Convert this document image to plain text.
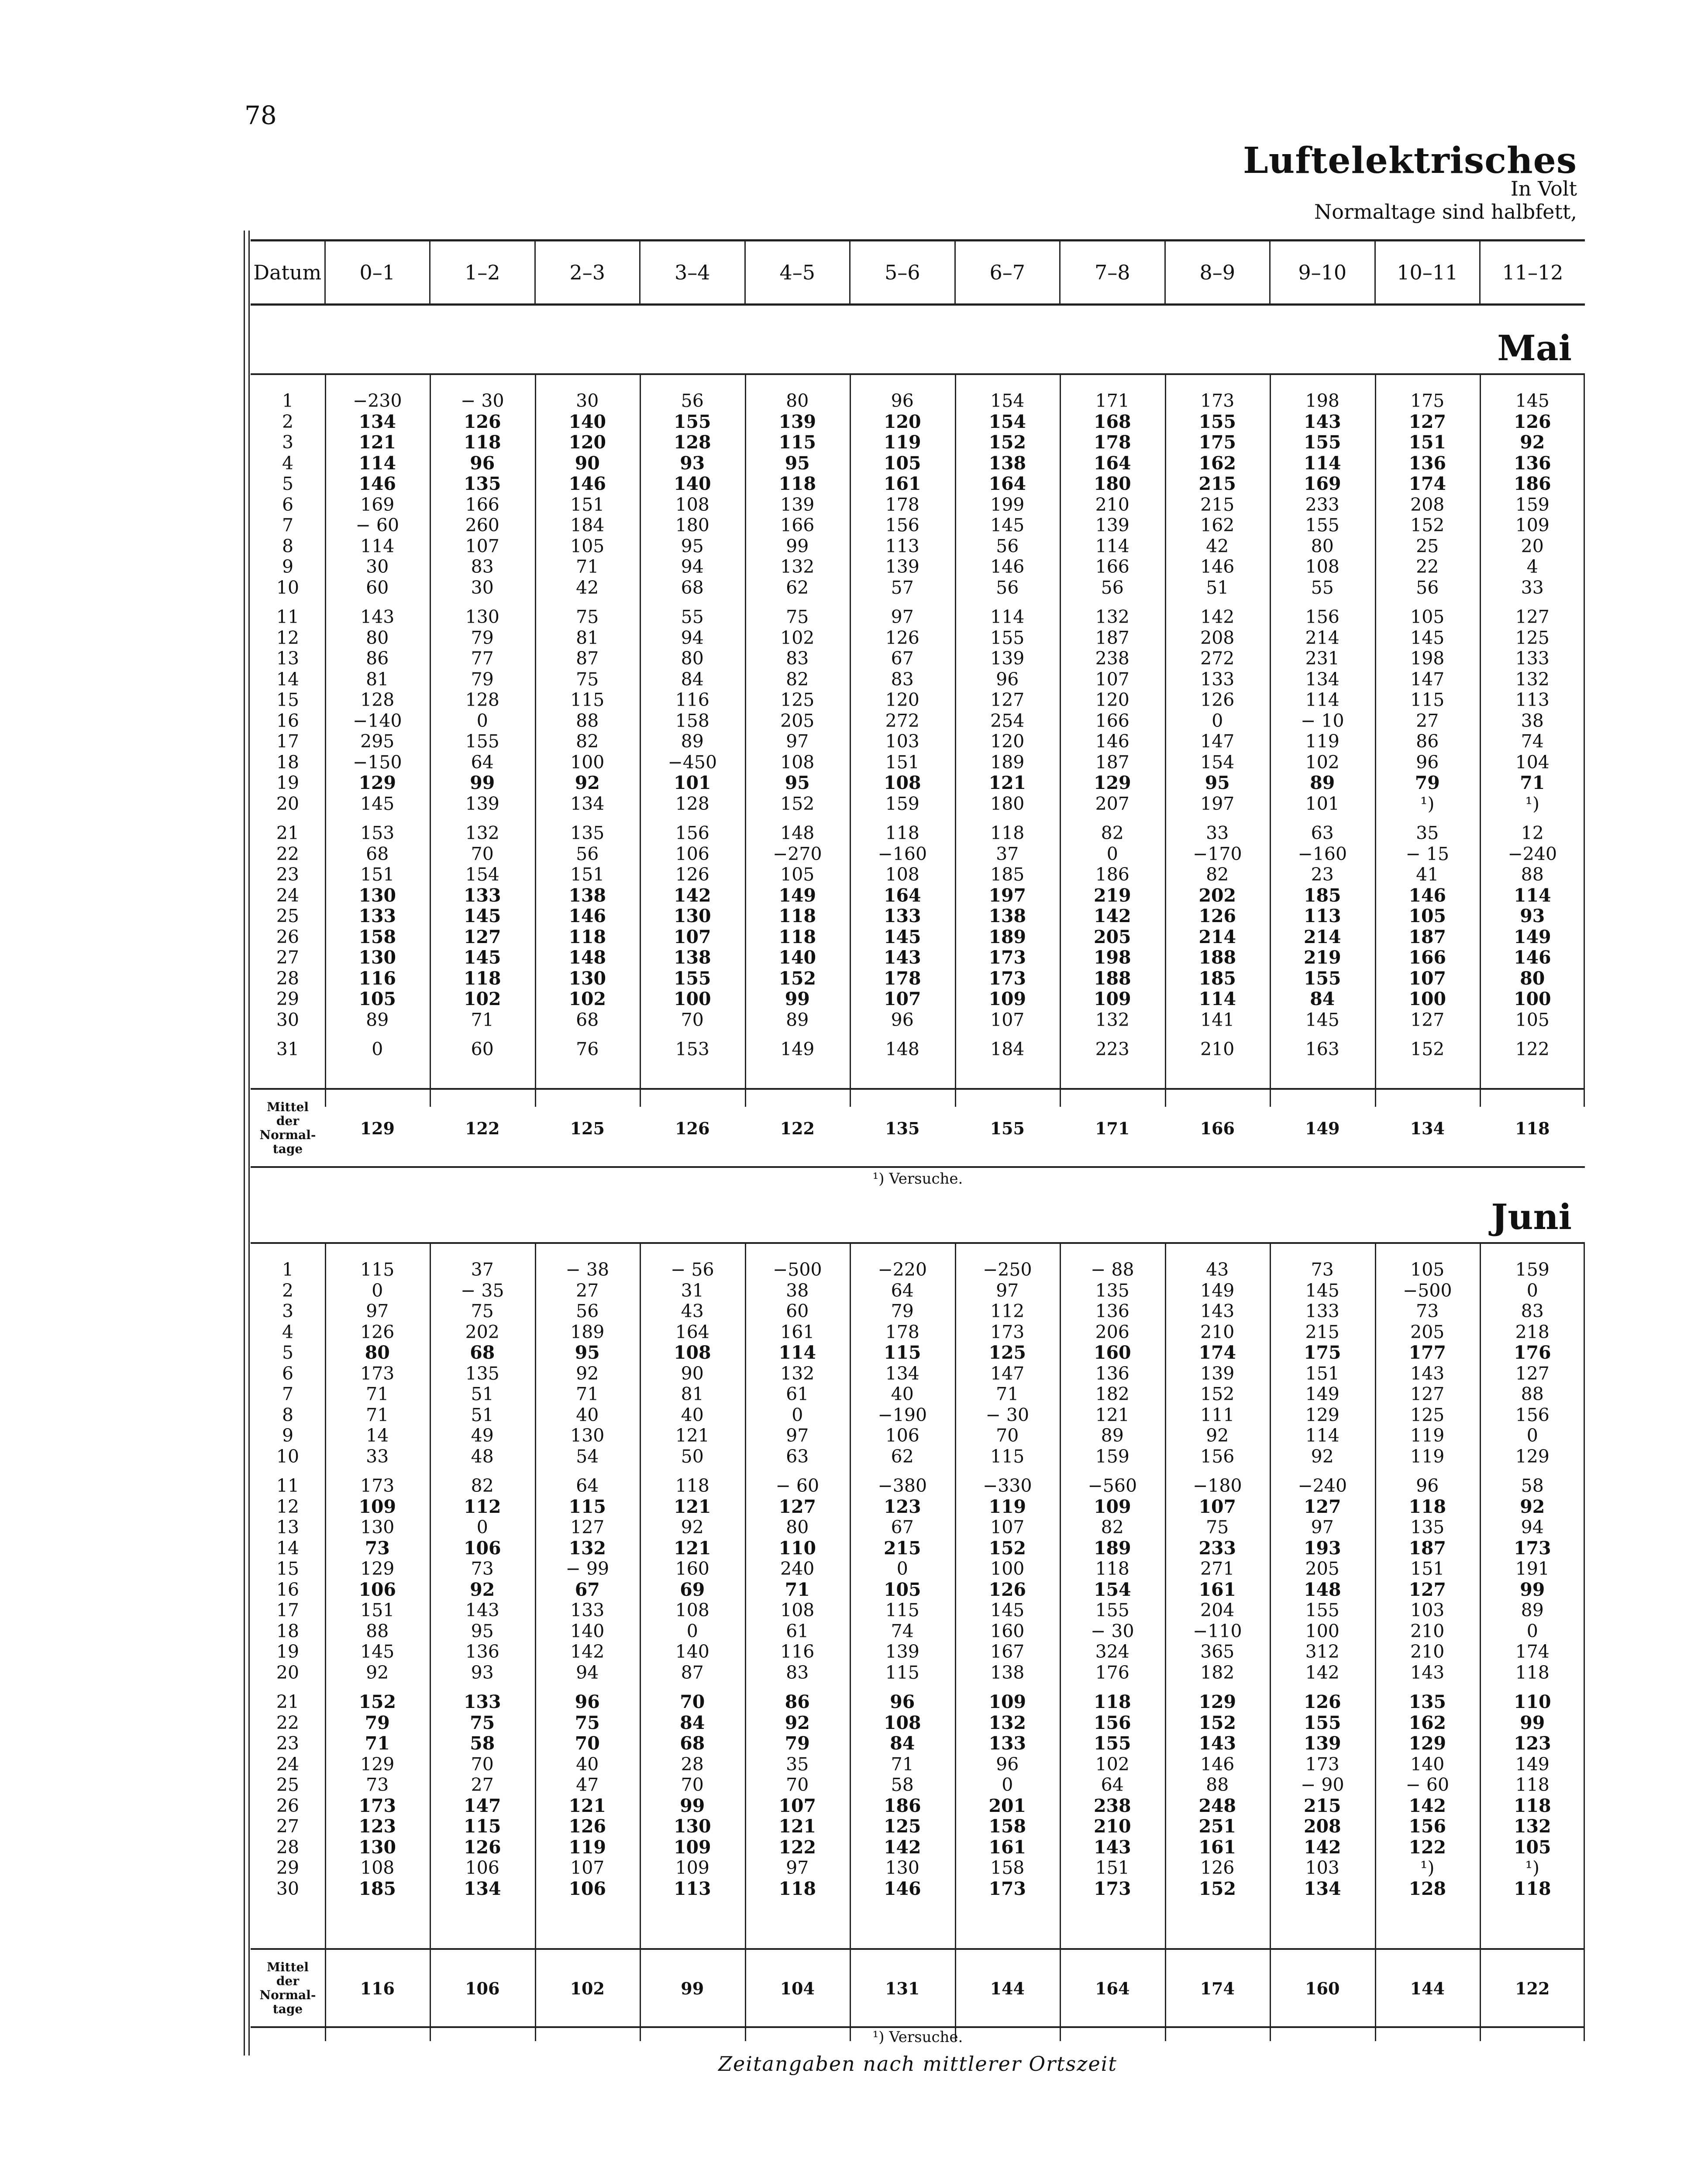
78
Luftelektrisches
In Volt
Normaltage sind halbfett,
Datum	0–1	1–2	2–3	3–4	4–5	5–6	6–7	7–8	8–9	9–10	10–11	11–12
Mai
1	−230	− 30	30	56	80	96	154	171	173	198	175	145
2	134	126	140	155	139	120	154	168	155	143	127	126
3	121	118	120	128	115	119	152	178	175	155	151	92
4	114	96	90	93	95	105	138	164	162	114	136	136
5	146	135	146	140	118	161	164	180	215	169	174	186
6	169	166	151	108	139	178	199	210	215	233	208	159
7	− 60	260	184	180	166	156	145	139	162	155	152	109
8	114	107	105	95	99	113	56	114	42	80	25	20
9	30	83	71	94	132	139	146	166	146	108	22	4
10	60	30	42	68	62	57	56	56	51	55	56	33
11	143	130	75	55	75	97	114	132	142	156	105	127
12	80	79	81	94	102	126	155	187	208	214	145	125
13	86	77	87	80	83	67	139	238	272	231	198	133
14	81	79	75	84	82	83	96	107	133	134	147	132
15	128	128	115	116	125	120	127	120	126	114	115	113
16	−140	0	88	158	205	272	254	166	0	− 10	27	38
17	295	155	82	89	97	103	120	146	147	119	86	74
18	−150	64	100	−450	108	151	189	187	154	102	96	104
19	129	99	92	101	95	108	121	129	95	89	79	71
20	145	139	134	128	152	159	180	207	197	101	¹)	¹)
21	153	132	135	156	148	118	118	82	33	63	35	12
22	68	70	56	106	−270	−160	37	0	−170	−160	− 15	−240
23	151	154	151	126	105	108	185	186	82	23	41	88
24	130	133	138	142	149	164	197	219	202	185	146	114
25	133	145	146	130	118	133	138	142	126	113	105	93
26	158	127	118	107	118	145	189	205	214	214	187	149
27	130	145	148	138	140	143	173	198	188	219	166	146
28	116	118	130	155	152	178	173	188	185	155	107	80
29	105	102	102	100	99	107	109	109	114	84	100	100
30	89	71	68	70	89	96	107	132	141	145	127	105
31	0	60	76	153	149	148	184	223	210	163	152	122
Mittel
der
Normal-
tage
	129	122	125	126	122	135	155	171	166	149	134	118
¹) Versuche.
Juni
1	115	37	− 38	− 56	−500	−220	−250	− 88	43	73	105	159
2	0	− 35	27	31	38	64	97	135	149	145	−500	0
3	97	75	56	43	60	79	112	136	143	133	73	83
4	126	202	189	164	161	178	173	206	210	215	205	218
5	80	68	95	108	114	115	125	160	174	175	177	176
6	173	135	92	90	132	134	147	136	139	151	143	127
7	71	51	71	81	61	40	71	182	152	149	127	88
8	71	51	40	40	0	−190	− 30	121	111	129	125	156
9	14	49	130	121	97	106	70	89	92	114	119	0
10	33	48	54	50	63	62	115	159	156	92	119	129
11	173	82	64	118	− 60	−380	−330	−560	−180	−240	96	58
12	109	112	115	121	127	123	119	109	107	127	118	92
13	130	0	127	92	80	67	107	82	75	97	135	94
14	73	106	132	121	110	215	152	189	233	193	187	173
15	129	73	− 99	160	240	0	100	118	271	205	151	191
16	106	92	67	69	71	105	126	154	161	148	127	99
17	151	143	133	108	108	115	145	155	204	155	103	89
18	88	95	140	0	61	74	160	− 30	−110	100	210	0
19	145	136	142	140	116	139	167	324	365	312	210	174
20	92	93	94	87	83	115	138	176	182	142	143	118
21	152	133	96	70	86	96	109	118	129	126	135	110
22	79	75	75	84	92	108	132	156	152	155	162	99
23	71	58	70	68	79	84	133	155	143	139	129	123
24	129	70	40	28	35	71	96	102	146	173	140	149
25	73	27	47	70	70	58	0	64	88	− 90	− 60	118
26	173	147	121	99	107	186	201	238	248	215	142	118
27	123	115	126	130	121	125	158	210	251	208	156	132
28	130	126	119	109	122	142	161	143	161	142	122	105
29	108	106	107	109	97	130	158	151	126	103	¹)	¹)
30	185	134	106	113	118	146	173	173	152	134	128	118
Mittel
der
Normal-
tage
	116	106	102	99	104	131	144	164	174	160	144	122
¹) Versuche.
Zeitangaben nach mittlerer Ortszeit
